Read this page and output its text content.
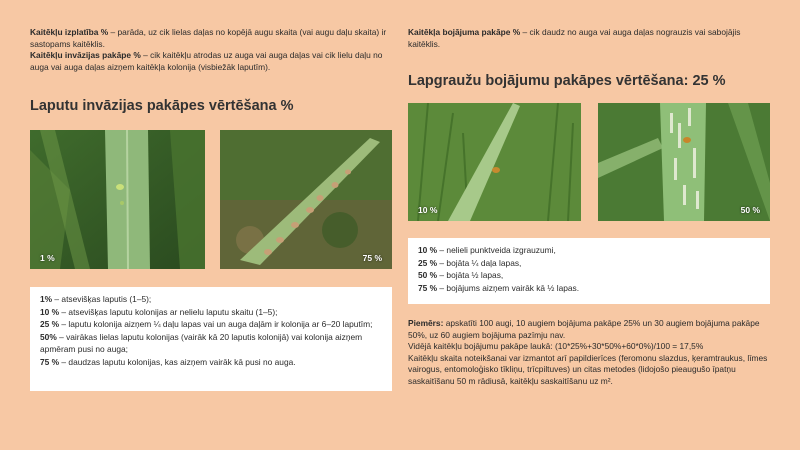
Kaitēkļu izplatība % – parāda, uz cik lielas daļas no kopējā augu skaita (vai augu daļu skaita) ir sastopams kaitēklis.

Kaitēkļu invāzijas pakāpe % – cik kaitēkļu atrodas uz auga vai auga daļas vai cik lielu daļu no auga vai auga daļas aizņem kaitēkļa kolonija (visbiežāk laputīm).

Laputu invāzijas pakāpes vērtēšana %
1 %	75 %

1% – atsevišķas laputis (1–5);

10 % – atsevišķas laputu kolonijas ar nelielu laputu skaitu (1–5);

25 % – laputu kolonija aizņem ¼ daļu lapas vai un auga daļām ir kolonija ar 6–20 laputīm;

50% – vairākas lielas laputu kolonijas (vairāk kā 20 laputis kolonijā) vai kolonija aizņem apmēram pusi no auga;

75 % – daudzas laputu kolonijas, kas aizņem vairāk kā pusi no auga.

Kaitēkļa bojājuma pakāpe % – cik daudz no auga vai auga daļas nograuzis vai sabojājis kaitēklis.

Lapgraužu bojājumu pakāpes vērtēšana: 25 %
10 %	50 %

10 % – nelieli punktveida izgrauzumi,

25 % – bojāta ¼ daļa lapas,

50 % – bojāta ½ lapas,

75 % – bojājums aizņem vairāk kā ½ lapas.

Piemērs: apskatīti 100 augi, 10 augiem bojājuma pakāpe 25% un 30 augiem bojājuma pakāpe 50%, uz 60 augiem bojājuma pazīmju nav.

Vidējā kaitēkļu bojājumu pakāpe laukā: (10*25%+30*50%+60*0%)/100 = 17,5%

Kaitēkļu skaita noteikšanai var izmantot arī papildierīces (feromonu slazdus, ķeramtraukus, līmes vairogus, entomoloģisko tīkliņu, trīcpiltuves) un citas metodes (lidojošo pieaugušo īpatņu saskaitīšanu 50 m rādiusā, kaitēkļu saskaitīšanu uz m².
